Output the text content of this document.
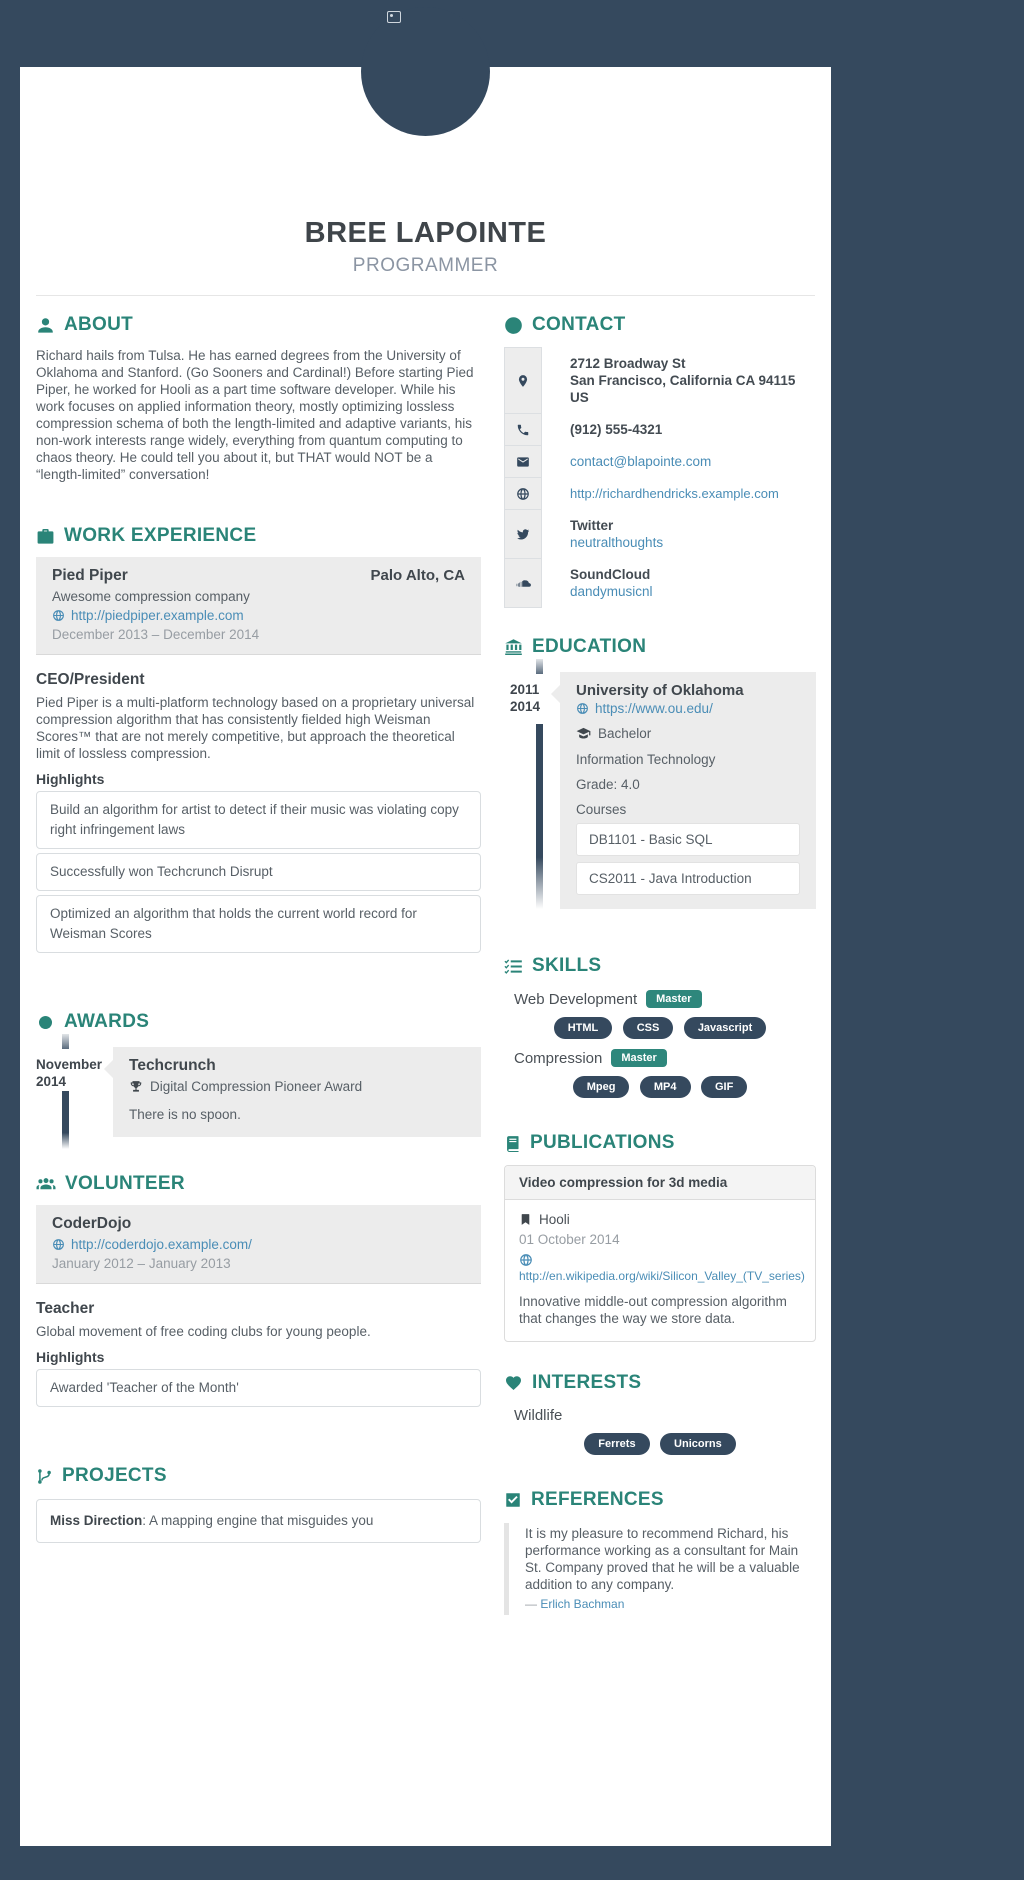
BREE LAPOINTE
PROGRAMMER
ABOUT

Richard hails from Tulsa. He has earned degrees from the University of Oklahoma and Stanford. (Go Sooners and Cardinal!) Before starting Pied Piper, he worked for Hooli as a part time software developer. While his work focuses on applied information theory, mostly optimizing lossless compression schema of both the length-limited and adaptive variants, his non-work interests range widely, everything from quantum computing to chaos theory. He could tell you about it, but THAT would NOT be a “length-limited” conversation!

WORK EXPERIENCE
Pied Piper	Palo Alto, CA
Awesome compression company
http://piedpiper.example.com
December 2013 – December 2014
CEO/President

Pied Piper is a multi-platform technology based on a proprietary universal compression algorithm that has consistently fielded high Weisman Scores™ that are not merely competitive, but approach the theoretical limit of lossless compression.

Highlights
Build an algorithm for artist to detect if their music was violating copy right infringement laws
Successfully won Techcrunch Disrupt
Optimized an algorithm that holds the current world record for Weisman Scores
AWARDS
November
2014
Techcrunch
Digital Compression Pioneer Award

There is no spoon.

VOLUNTEER
CoderDojo
http://coderdojo.example.com/
January 2012 – January 2013
Teacher

Global movement of free coding clubs for young people.

Highlights
Awarded 'Teacher of the Month'
PROJECTS
Miss Direction: A mapping engine that misguides you
CONTACT
2712 Broadway St
San Francisco, California CA 94115 US
(912) 555-4321
contact@blapointe.com
http://richardhendricks.example.com
Twitter
neutralthoughts
SoundCloud
dandymusicnl
EDUCATION
2011
2014
University of Oklahoma
https://www.ou.edu/
Bachelor
Information Technology
Grade: 4.0
Courses
DB1101 - Basic SQL
CS2011 - Java Introduction
SKILLS
Web Development	Master
HTML	CSS	Javascript
Compression	Master
Mpeg	MP4	GIF
PUBLICATIONS
Video compression for 3d media
Hooli
01 October 2014
http://en.wikipedia.org/wiki/Silicon_Valley_(TV_series)

Innovative middle-out compression algorithm that changes the way we store data.

INTERESTS
Wildlife
Ferrets	Unicorns
REFERENCES

It is my pleasure to recommend Richard, his performance working as a consultant for Main St. Company proved that he will be a valuable addition to any company.

— Erlich Bachman
